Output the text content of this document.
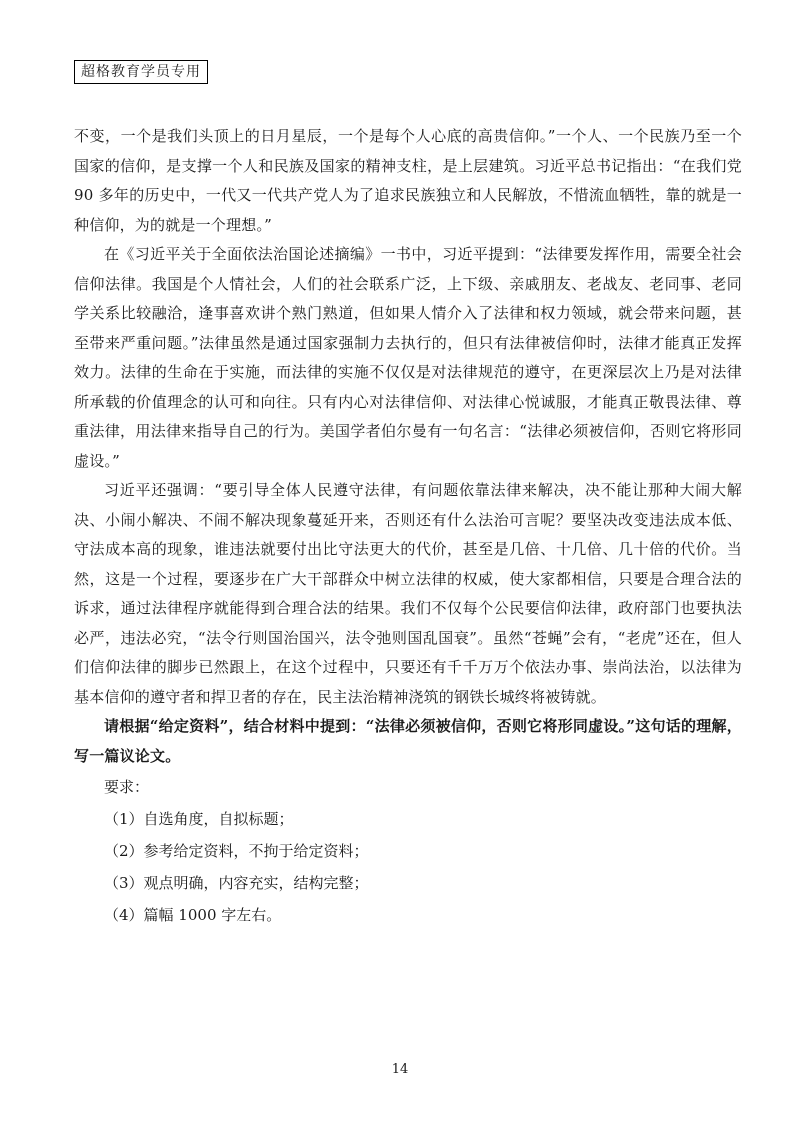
超格教育学员专用

不变，一个是我们头顶上的日月星辰，一个是每个人心底的高贵信仰。”一个人、一个民族乃至一个国家的信仰，是支撑一个人和民族及国家的精神支柱，是上层建筑。习近平总书记指出：“在我们党 90 多年的历史中，一代又一代共产党人为了追求民族独立和人民解放，不惜流血牺牲，靠的就是一种信仰，为的就是一个理想。”

在《习近平关于全面依法治国论述摘编》一书中，习近平提到：“法律要发挥作用，需要全社会信仰法律。我国是个人情社会，人们的社会联系广泛，上下级、亲戚朋友、老战友、老同事、老同学关系比较融洽，逢事喜欢讲个熟门熟道，但如果人情介入了法律和权力领域，就会带来问题，甚至带来严重问题。”法律虽然是通过国家强制力去执行的，但只有法律被信仰时，法律才能真正发挥效力。法律的生命在于实施，而法律的实施不仅仅是对法律规范的遵守，在更深层次上乃是对法律所承载的价值理念的认可和向往。只有内心对法律信仰、对法律心悦诚服，才能真正敬畏法律、尊重法律，用法律来指导自己的行为。美国学者伯尔曼有一句名言：“法律必须被信仰，否则它将形同虚设。”

习近平还强调：“要引导全体人民遵守法律，有问题依靠法律来解决，决不能让那种大闹大解决、小闹小解决、不闹不解决现象蔓延开来，否则还有什么法治可言呢？要坚决改变违法成本低、守法成本高的现象，谁违法就要付出比守法更大的代价，甚至是几倍、十几倍、几十倍的代价。当然，这是一个过程，要逐步在广大干部群众中树立法律的权威，使大家都相信，只要是合理合法的诉求，通过法律程序就能得到合理合法的结果。我们不仅每个公民要信仰法律，政府部门也要执法必严，违法必究，“法令行则国治国兴，法令弛则国乱国衰”。虽然“苍蝇”会有，“老虎”还在，但人们信仰法律的脚步已然跟上，在这个过程中，只要还有千千万万个依法办事、崇尚法治，以法律为基本信仰的遵守者和捍卫者的存在，民主法治精神浇筑的钢铁长城终将被铸就。

请根据“给定资料”，结合材料中提到：“法律必须被信仰，否则它将形同虚设。”这句话的理解，写一篇议论文。

要求：

（1）自选角度，自拟标题；

（2）参考给定资料，不拘于给定资料；

（3）观点明确，内容充实，结构完整；

（4）篇幅 1000 字左右。

14
